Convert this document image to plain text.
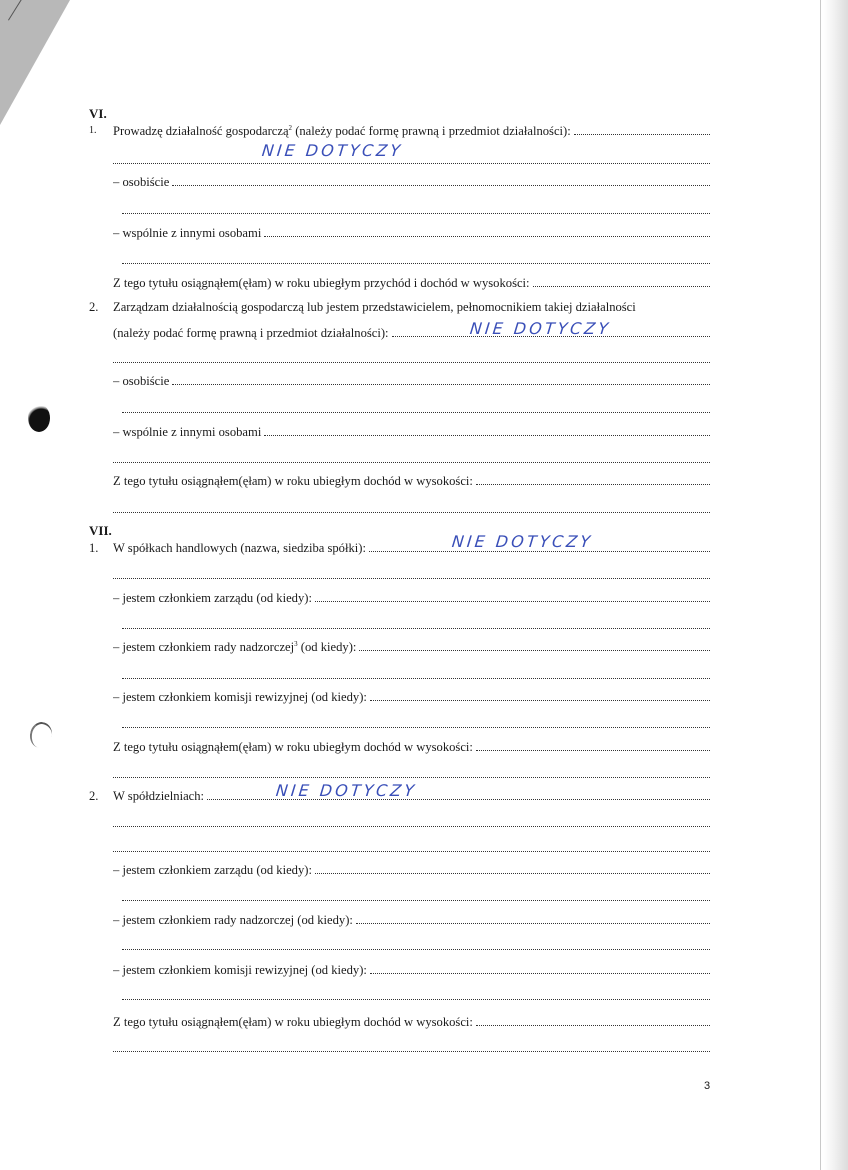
VI.
1. Prowadzę działalność gospodarczą$^2$ (należy podać formę prawną i przedmiot działalności):
NIE DOTYCZY
– osobiście
– wspólnie z innymi osobami
Z tego tytułu osiągnąłem(ęłam) w roku ubiegłym przychód i dochód w wysokości:
2. Zarządzam działalnością gospodarczą lub jestem przedstawicielem, pełnomocnikiem takiej działalności
(należy podać formę prawną i przedmiot działalności):	NIE DOTYCZY
– osobiście
– wspólnie z innymi osobami
Z tego tytułu osiągnąłem(ęłam) w roku ubiegłym dochód w wysokości:
VII.
1. W spółkach handlowych (nazwa, siedziba spółki):	NIE DOTYCZY
– jestem członkiem zarządu (od kiedy):
– jestem członkiem rady nadzorczej$^3$ (od kiedy):
– jestem członkiem komisji rewizyjnej (od kiedy):
Z tego tytułu osiągnąłem(ęłam) w roku ubiegłym dochód w wysokości:
2. W spółdzielniach:	NIE DOTYCZY
– jestem członkiem zarządu (od kiedy):
– jestem członkiem rady nadzorczej (od kiedy):
– jestem członkiem komisji rewizyjnej (od kiedy):
Z tego tytułu osiągnąłem(ęłam) w roku ubiegłym dochód w wysokości:
3
